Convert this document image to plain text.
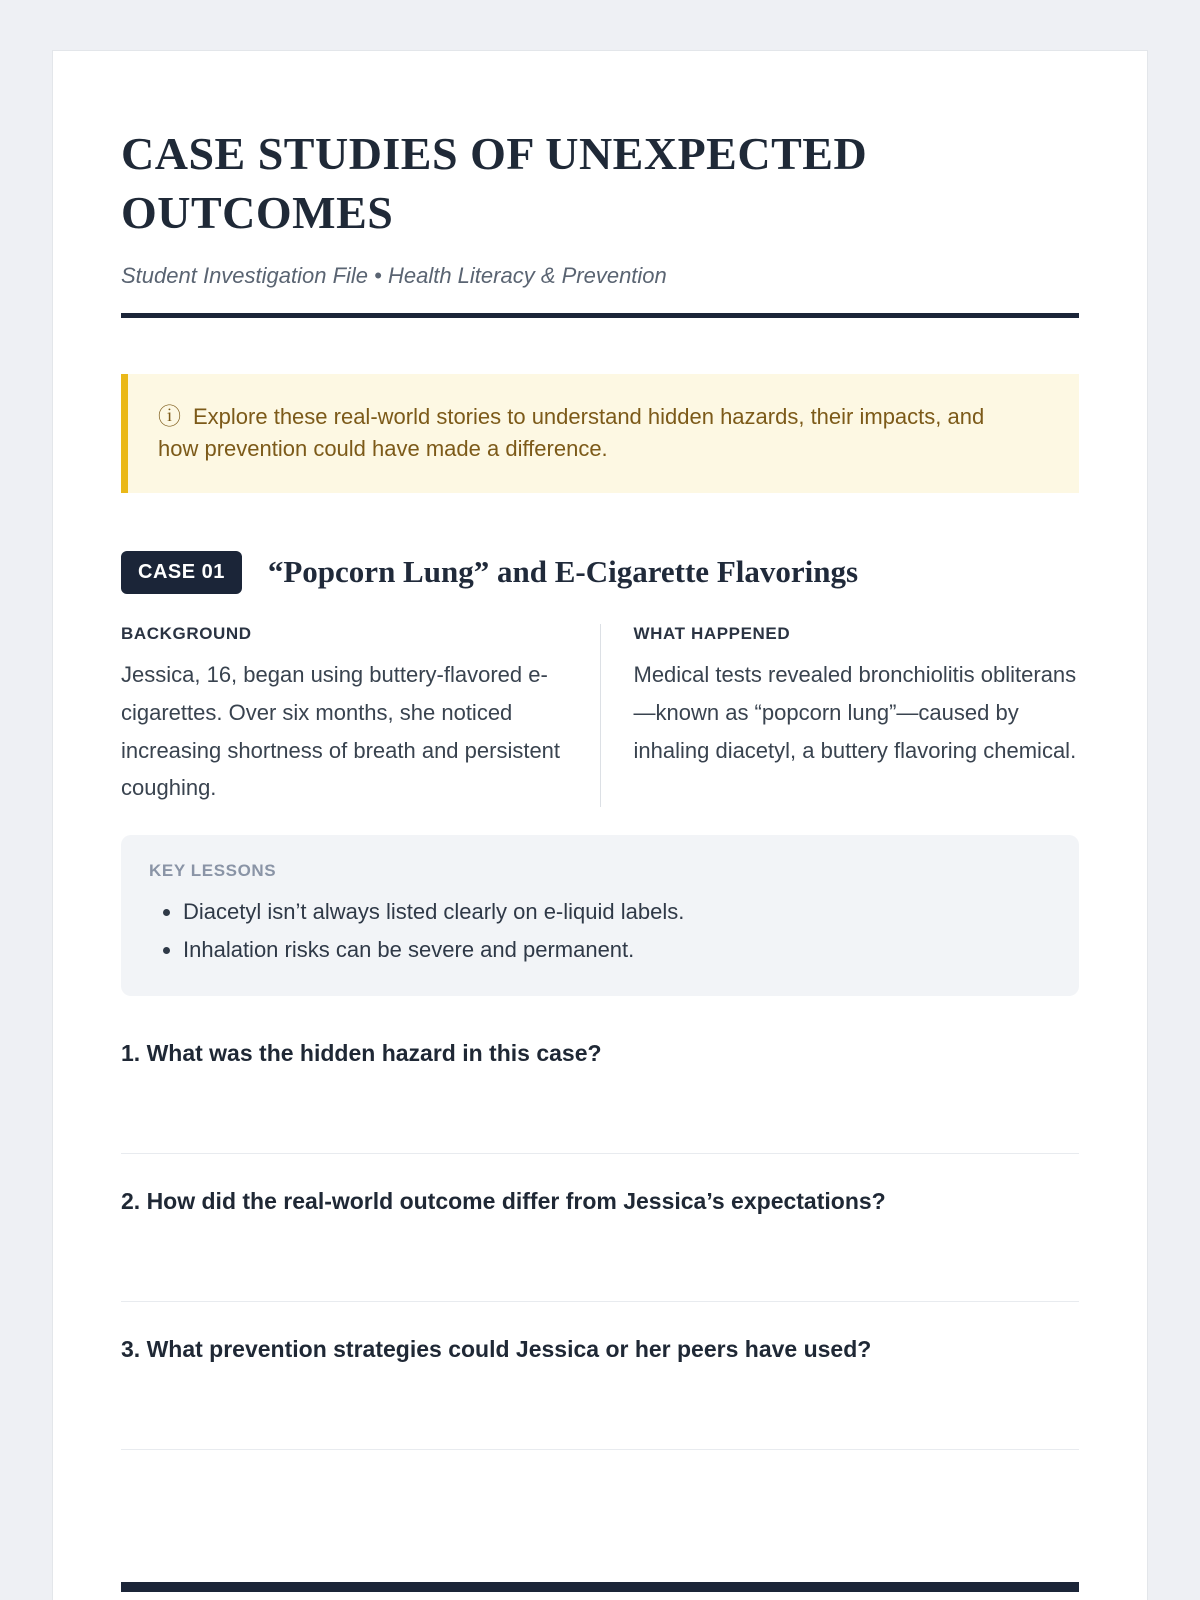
CASE STUDIES OF UNEXPECTED OUTCOMES

Student Investigation File • Health Literacy & Prevention

ⓘ Explore these real-world stories to understand hidden hazards, their impacts, and how prevention could have made a difference.

CASE 01	“Popcorn Lung” and E-Cigarette Flavorings
BACKGROUND

Jessica, 16, began using buttery-flavored e-cigarettes. Over six months, she noticed increasing shortness of breath and persistent coughing.

WHAT HAPPENED

Medical tests revealed bronchiolitis obliterans—known as “popcorn lung”—caused by inhaling diacetyl, a buttery flavoring chemical.

KEY LESSONS
• Diacetyl isn’t always listed clearly on e-liquid labels.
• Inhalation risks can be severe and permanent.
1. What was the hidden hazard in this case?
2. How did the real-world outcome differ from Jessica’s expectations?
3. What prevention strategies could Jessica or her peers have used?
